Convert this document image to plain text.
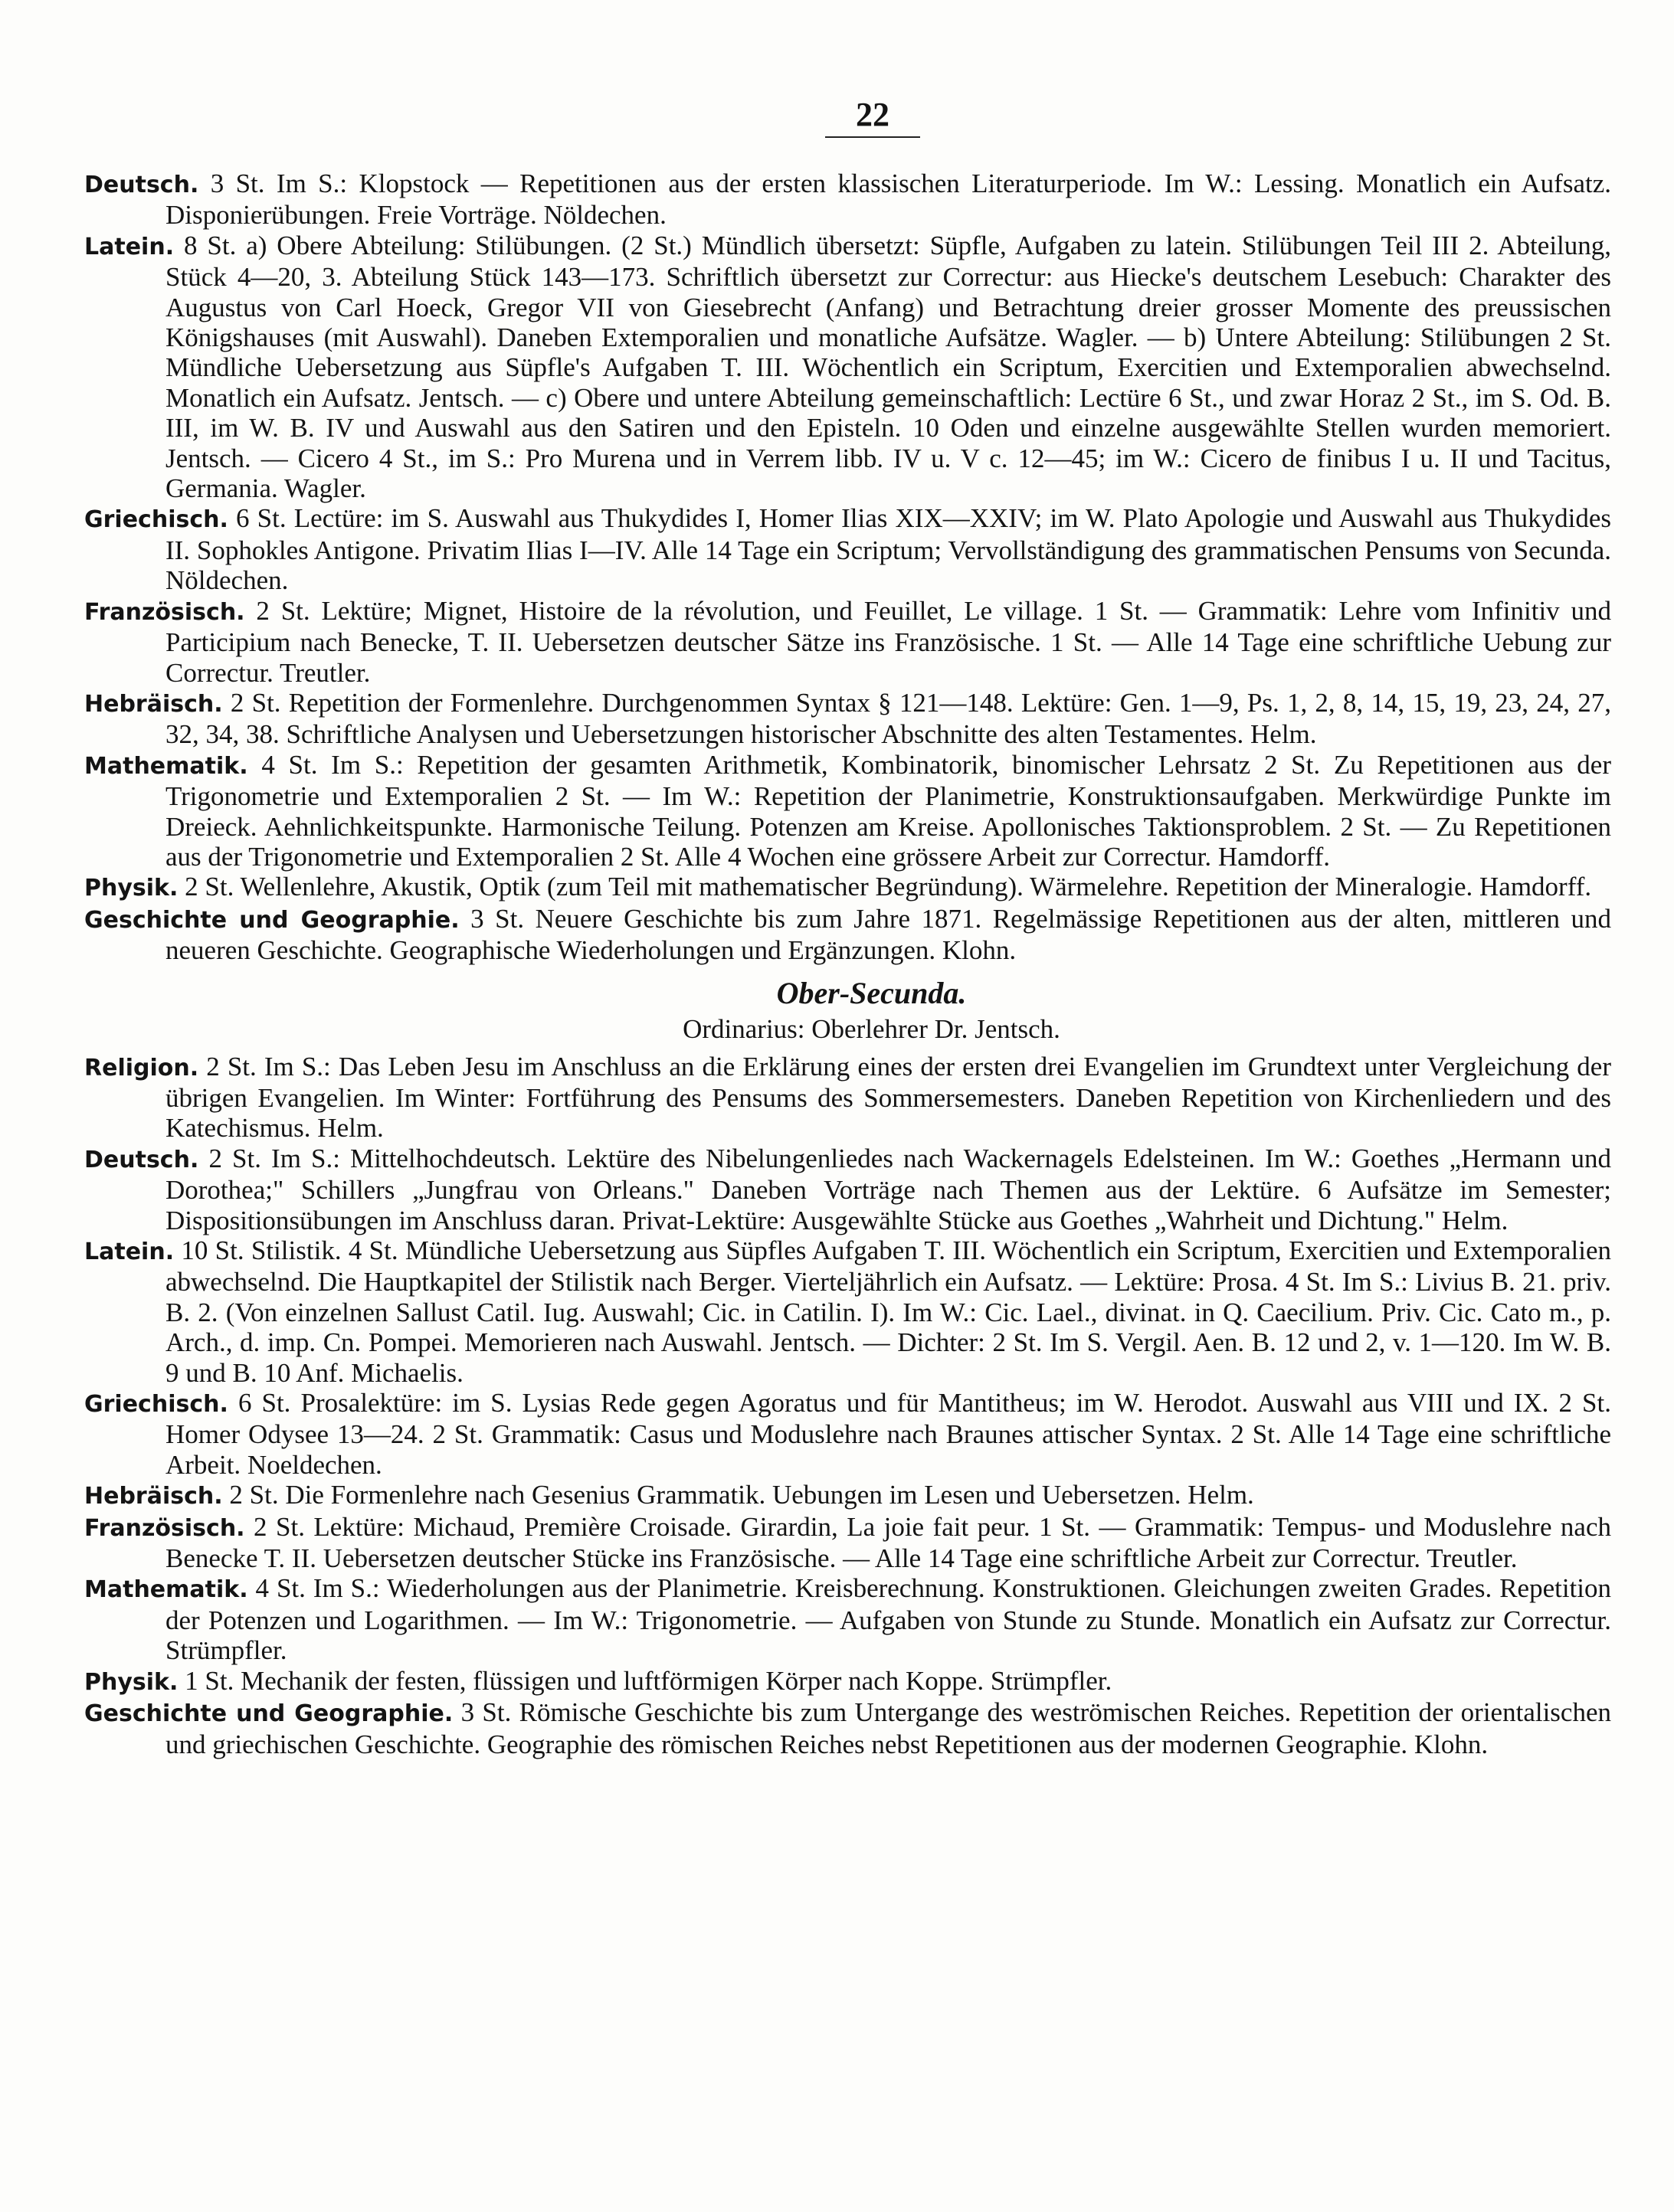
22

Deutsch. 3 St. Im S.: Klopstock — Repetitionen aus der ersten klassischen Literaturperiode. Im W.: Lessing. Monatlich ein Aufsatz. Disponierübungen. Freie Vorträge. Nöldechen.

Latein. 8 St. a) Obere Abteilung: Stilübungen. (2 St.) Mündlich übersetzt: Süpfle, Aufgaben zu latein. Stilübungen Teil III 2. Abteilung, Stück 4—20, 3. Abteilung Stück 143—173. Schriftlich übersetzt zur Correctur: aus Hiecke's deutschem Lesebuch: Charakter des Augustus von Carl Hoeck, Gregor VII von Giesebrecht (Anfang) und Betrachtung dreier grosser Momente des preussischen Königshauses (mit Auswahl). Daneben Extemporalien und monatliche Aufsätze. Wagler. — b) Untere Abteilung: Stilübungen 2 St. Mündliche Uebersetzung aus Süpfle's Aufgaben T. III. Wöchentlich ein Scriptum, Exercitien und Extemporalien abwechselnd. Monatlich ein Aufsatz. Jentsch. — c) Obere und untere Abteilung gemeinschaftlich: Lectüre 6 St., und zwar Horaz 2 St., im S. Od. B. III, im W. B. IV und Auswahl aus den Satiren und den Episteln. 10 Oden und einzelne ausgewählte Stellen wurden memoriert. Jentsch. — Cicero 4 St., im S.: Pro Murena und in Verrem libb. IV u. V c. 12—45; im W.: Cicero de finibus I u. II und Tacitus, Germania. Wagler.

Griechisch. 6 St. Lectüre: im S. Auswahl aus Thukydides I, Homer Ilias XIX—XXIV; im W. Plato Apologie und Auswahl aus Thukydides II. Sophokles Antigone. Privatim Ilias I—IV. Alle 14 Tage ein Scriptum; Vervollständigung des grammatischen Pensums von Secunda. Nöldechen.

Französisch. 2 St. Lektüre; Mignet, Histoire de la révolution, und Feuillet, Le village. 1 St. — Grammatik: Lehre vom Infinitiv und Participium nach Benecke, T. II. Uebersetzen deutscher Sätze ins Französische. 1 St. — Alle 14 Tage eine schriftliche Uebung zur Correctur. Treutler.

Hebräisch. 2 St. Repetition der Formenlehre. Durchgenommen Syntax § 121—148. Lektüre: Gen. 1—9, Ps. 1, 2, 8, 14, 15, 19, 23, 24, 27, 32, 34, 38. Schriftliche Analysen und Uebersetzungen historischer Abschnitte des alten Testamentes. Helm.

Mathematik. 4 St. Im S.: Repetition der gesamten Arithmetik, Kombinatorik, binomischer Lehrsatz 2 St. Zu Repetitionen aus der Trigonometrie und Extemporalien 2 St. — Im W.: Repetition der Planimetrie, Konstruktionsaufgaben. Merkwürdige Punkte im Dreieck. Aehnlichkeitspunkte. Harmonische Teilung. Potenzen am Kreise. Apollonisches Taktionsproblem. 2 St. — Zu Repetitionen aus der Trigonometrie und Extemporalien 2 St. Alle 4 Wochen eine grössere Arbeit zur Correctur. Hamdorff.

Physik. 2 St. Wellenlehre, Akustik, Optik (zum Teil mit mathematischer Begründung). Wärmelehre. Repetition der Mineralogie. Hamdorff.

Geschichte und Geographie. 3 St. Neuere Geschichte bis zum Jahre 1871. Regelmässige Repetitionen aus der alten, mittleren und neueren Geschichte. Geographische Wiederholungen und Ergänzungen. Klohn.

Ober-Secunda.
Ordinarius: Oberlehrer Dr. Jentsch.

Religion. 2 St. Im S.: Das Leben Jesu im Anschluss an die Erklärung eines der ersten drei Evangelien im Grundtext unter Vergleichung der übrigen Evangelien. Im Winter: Fortführung des Pensums des Sommersemesters. Daneben Repetition von Kirchenliedern und des Katechismus. Helm.

Deutsch. 2 St. Im S.: Mittelhochdeutsch. Lektüre des Nibelungenliedes nach Wackernagels Edelsteinen. Im W.: Goethes „Hermann und Dorothea;" Schillers „Jungfrau von Orleans." Daneben Vorträge nach Themen aus der Lektüre. 6 Aufsätze im Semester; Dispositionsübungen im Anschluss daran. Privat-Lektüre: Ausgewählte Stücke aus Goethes „Wahrheit und Dichtung." Helm.

Latein. 10 St. Stilistik. 4 St. Mündliche Uebersetzung aus Süpfles Aufgaben T. III. Wöchentlich ein Scriptum, Exercitien und Extemporalien abwechselnd. Die Hauptkapitel der Stilistik nach Berger. Vierteljährlich ein Aufsatz. — Lektüre: Prosa. 4 St. Im S.: Livius B. 21. priv. B. 2. (Von einzelnen Sallust Catil. Iug. Auswahl; Cic. in Catilin. I). Im W.: Cic. Lael., divinat. in Q. Caecilium. Priv. Cic. Cato m., p. Arch., d. imp. Cn. Pompei. Memorieren nach Auswahl. Jentsch. — Dichter: 2 St. Im S. Vergil. Aen. B. 12 und 2, v. 1—120. Im W. B. 9 und B. 10 Anf. Michaelis.

Griechisch. 6 St. Prosalektüre: im S. Lysias Rede gegen Agoratus und für Mantitheus; im W. Herodot. Auswahl aus VIII und IX. 2 St. Homer Odysee 13—24. 2 St. Grammatik: Casus und Moduslehre nach Braunes attischer Syntax. 2 St. Alle 14 Tage eine schriftliche Arbeit. Noeldechen.

Hebräisch. 2 St. Die Formenlehre nach Gesenius Grammatik. Uebungen im Lesen und Uebersetzen. Helm.

Französisch. 2 St. Lektüre: Michaud, Première Croisade. Girardin, La joie fait peur. 1 St. — Grammatik: Tempus- und Moduslehre nach Benecke T. II. Uebersetzen deutscher Stücke ins Französische. — Alle 14 Tage eine schriftliche Arbeit zur Correctur. Treutler.

Mathematik. 4 St. Im S.: Wiederholungen aus der Planimetrie. Kreisberechnung. Konstruktionen. Gleichungen zweiten Grades. Repetition der Potenzen und Logarithmen. — Im W.: Trigonometrie. — Aufgaben von Stunde zu Stunde. Monatlich ein Aufsatz zur Correctur. Strümpfler.

Physik. 1 St. Mechanik der festen, flüssigen und luftförmigen Körper nach Koppe. Strümpfler.

Geschichte und Geographie. 3 St. Römische Geschichte bis zum Untergange des weströmischen Reiches. Repetition der orientalischen und griechischen Geschichte. Geographie des römischen Reiches nebst Repetitionen aus der modernen Geographie. Klohn.
